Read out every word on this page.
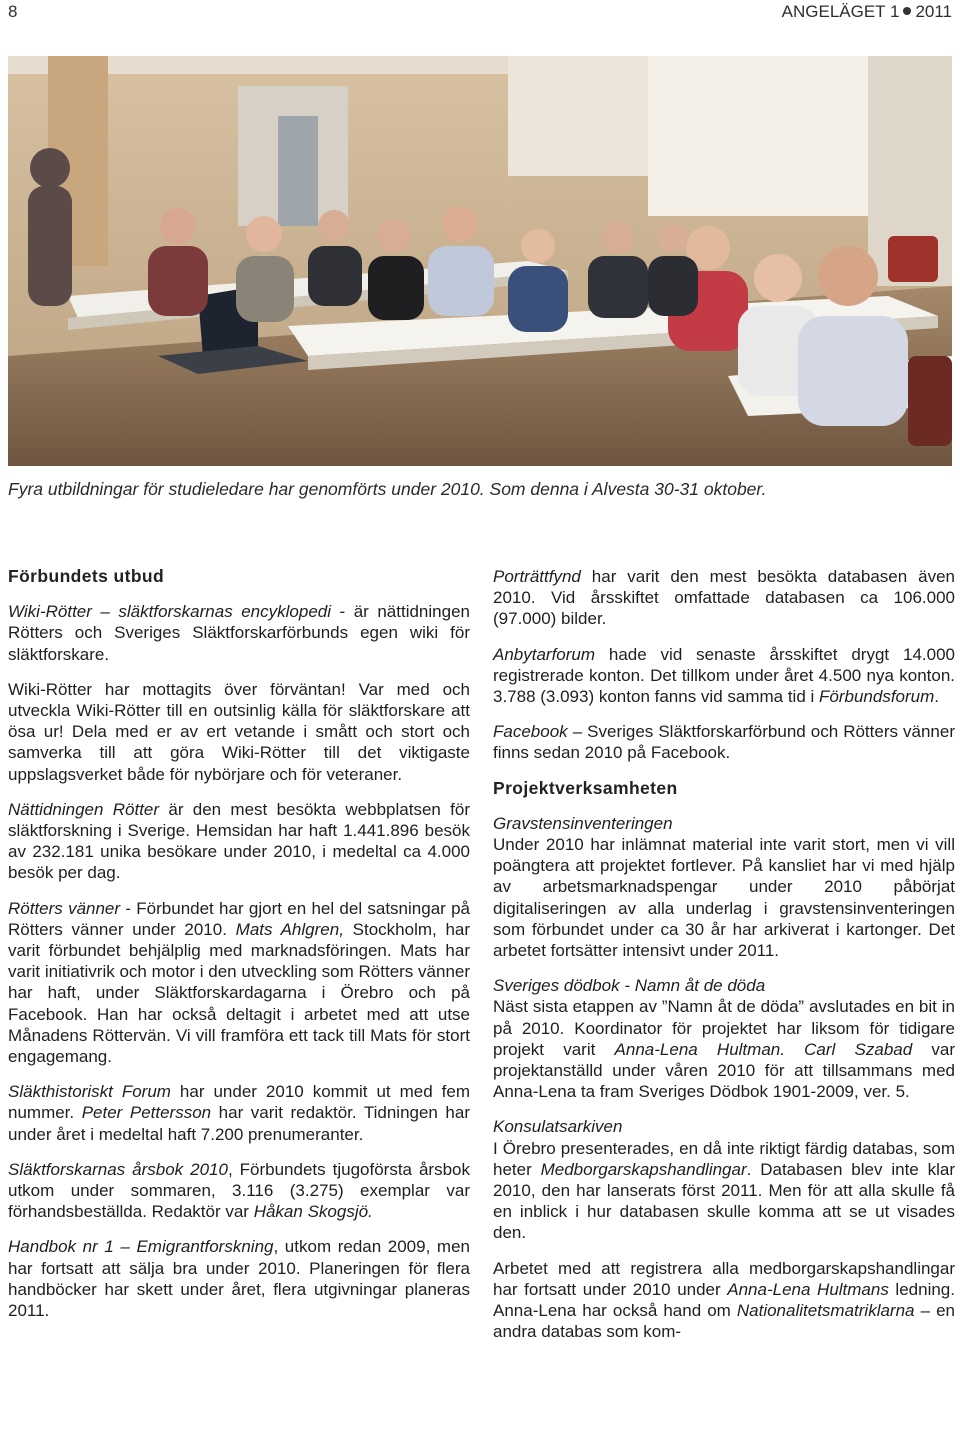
8	ANGELÄGET 1 2011
Fyra utbildningar för studieledare har genomförts under 2010. Som denna i Alvesta 30-31 oktober.
Förbundets utbud

Wiki-Rötter – släktforskarnas encyklopedi - är nättidningen Rötters och Sveriges Släktforskarförbunds egen wiki för släktforskare.

Wiki-Rötter har mottagits över förväntan! Var med och utveckla Wiki-Rötter till en outsinlig källa för släktforskare att ösa ur! Dela med er av ert vetande i smått och stort och samverka till att göra Wiki-Rötter till det viktigaste uppslagsverket både för nybörjare och för veteraner.

Nättidningen Rötter är den mest besökta webbplatsen för släktforskning i Sverige. Hemsidan har haft 1.441.896 besök av 232.181 unika besökare under 2010, i medeltal ca 4.000 besök per dag.

Rötters vänner - Förbundet har gjort en hel del satsningar på Rötters vänner under 2010. Mats Ahlgren, Stockholm, har varit förbundet behjälplig med marknadsföringen. Mats har varit initiativrik och motor i den utveckling som Rötters vänner har haft, under Släktforskardagarna i Örebro och på Facebook. Han har också deltagit i arbetet med att utse Månadens Röttervän. Vi vill framföra ett tack till Mats för stort engagemang.

Släkthistoriskt Forum har under 2010 kommit ut med fem nummer. Peter Pettersson har varit redaktör. Tidningen har under året i medeltal haft 7.200 prenumeranter.

Släktforskarnas årsbok 2010, Förbundets tjugoförsta årsbok utkom under sommaren, 3.116 (3.275) exemplar var förhandsbeställda. Redaktör var Håkan Skogsjö.

Handbok nr 1 – Emigrantforskning, utkom redan 2009, men har fortsatt att sälja bra under 2010. Planeringen för flera handböcker har skett under året, flera utgivningar planeras 2011.

Porträttfynd har varit den mest besökta databasen även 2010. Vid årsskiftet omfattade databasen ca 106.000 (97.000) bilder.

Anbytarforum hade vid senaste årsskiftet drygt 14.000 registrerade konton. Det tillkom under året 4.500 nya konton. 3.788 (3.093) konton fanns vid samma tid i Förbundsforum.

Facebook – Sveriges Släktforskarförbund och Rötters vänner finns sedan 2010 på Facebook.

Projektverksamheten
Gravstensinventeringen

Under 2010 har inlämnat material inte varit stort, men vi vill poängtera att projektet fortlever. På kansliet har vi med hjälp av arbetsmarknadspengar under 2010 påbörjat digitaliseringen av alla underlag i gravstensinventeringen som förbundet under ca 30 år har arkiverat i kartonger. Det arbetet fortsätter intensivt under 2011.

Sveriges dödbok - Namn åt de döda

Näst sista etappen av ”Namn åt de döda” avslutades en bit in på 2010. Koordinator för projektet har liksom för tidigare projekt varit Anna-Lena Hultman. Carl Szabad var projektanställd under våren 2010 för att tillsammans med Anna-Lena ta fram Sveriges Dödbok 1901-2009, ver. 5.

Konsulatsarkiven

I Örebro presenterades, en då inte riktigt färdig databas, som heter Medborgarskapshandlingar. Databasen blev inte klar 2010, den har lanserats först 2011. Men för att alla skulle få en inblick i hur databasen skulle komma att se ut visades den.

Arbetet med att registrera alla medborgarskapshandlingar har fortsatt under 2010 under Anna-Lena Hultmans ledning. Anna-Lena har också hand om Nationalitetsmatriklarna – en andra databas som kom-
